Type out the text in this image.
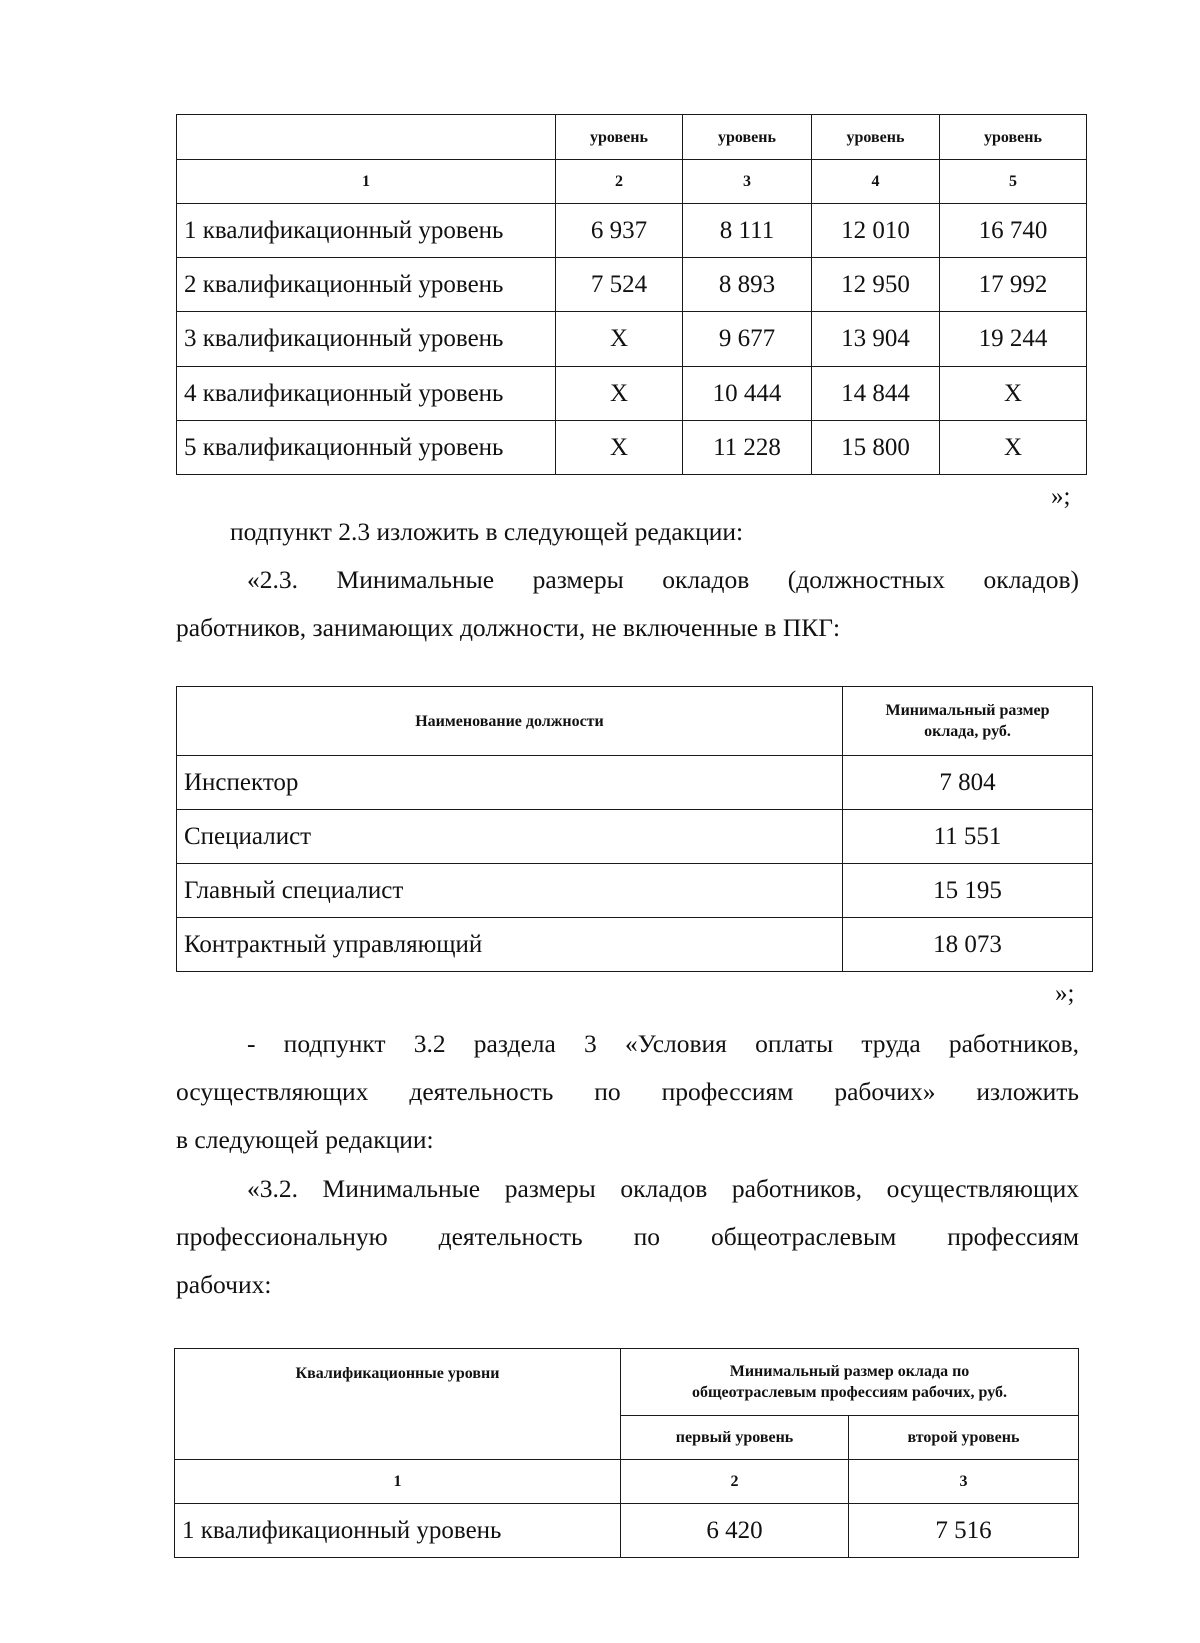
	уровень	уровень	уровень	уровень
1	2	3	4	5
1 квалификационный уровень	6 937	8 111	12 010	16 740
2 квалификационный уровень	7 524	8 893	12 950	17 992
3 квалификационный уровень	X	9 677	13 904	19 244
4 квалификационный уровень	X	10 444	14 844	X
5 квалификационный уровень	X	11 228	15 800	X
»;

подпункт 2.3 изложить в следующей редакции:

«2.3. Минимальные размеры окладов (должностных окладов)

работников, занимающих должности, не включенные в ПКГ:

Наименование должности	Минимальный размер
оклада, руб.

Инспектор	7 804
Специалист	11 551
Главный специалист	15 195
Контрактный управляющий	18 073
»;

- подпункт 3.2 раздела 3 «Условия оплаты труда работников,

осуществляющих деятельность по профессиям рабочих» изложить

в следующей редакции:

«3.2. Минимальные размеры окладов работников, осуществляющих

профессиональную деятельность по общеотраслевым профессиям

рабочих:

Квалификационные уровни	Минимальный размер оклада по
общеотраслевым профессиям рабочих, руб.	

	первый уровень	второй уровень
1	2	3
1 квалификационный уровень	6 420	7 516
